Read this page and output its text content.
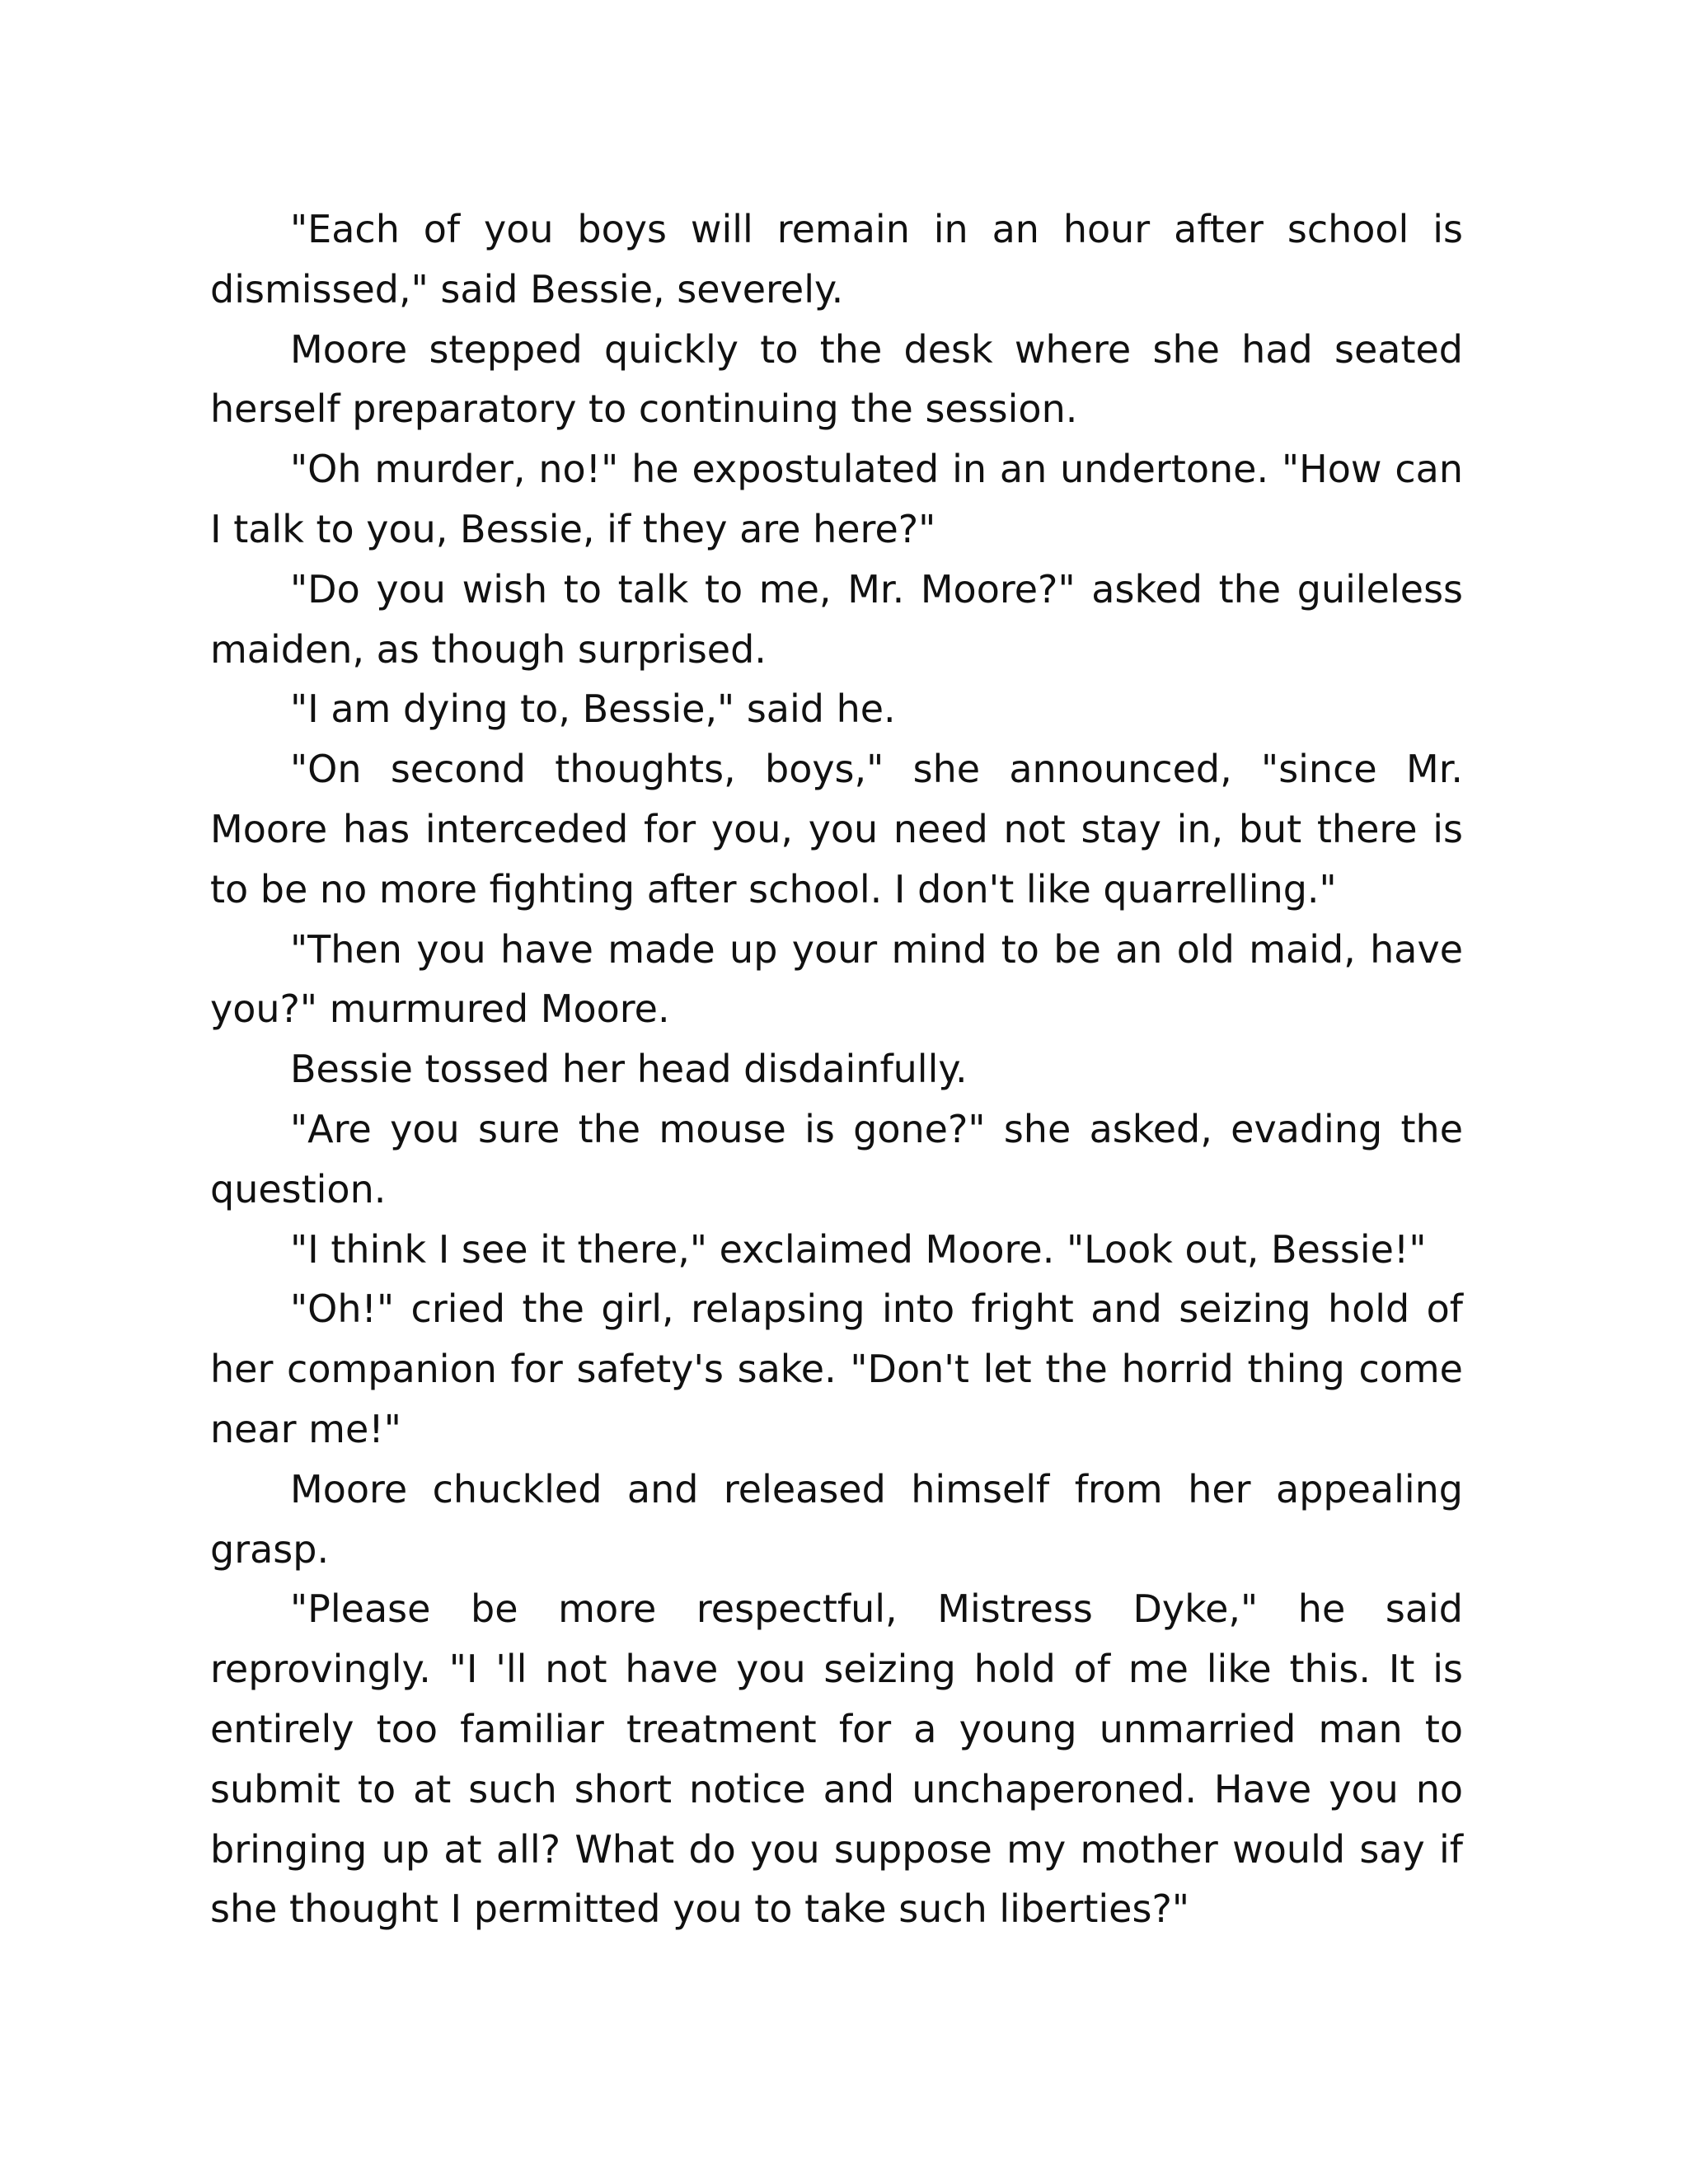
"Each of you boys will remain in an hour after school is dismissed," said Bessie, severely.

Moore stepped quickly to the desk where she had seated herself preparatory to continuing the session.

"Oh murder, no!" he expostulated in an undertone. "How can I talk to you, Bessie, if they are here?"

"Do you wish to talk to me, Mr. Moore?" asked the guileless maiden, as though surprised.

"I am dying to, Bessie," said he.

"On second thoughts, boys," she announced, "since Mr. Moore has interceded for you, you need not stay in, but there is to be no more fighting after school. I don't like quarrelling."

"Then you have made up your mind to be an old maid, have you?" murmured Moore.

Bessie tossed her head disdainfully.

"Are you sure the mouse is gone?" she asked, evading the question.

"I think I see it there," exclaimed Moore. "Look out, Bessie!"

"Oh!" cried the girl, relapsing into fright and seizing hold of her companion for safety's sake. "Don't let the horrid thing come near me!"

Moore chuckled and released himself from her appealing grasp.

"Please be more respectful, Mistress Dyke," he said reprovingly. "I 'll not have you seizing hold of me like this. It is entirely too familiar treatment for a young unmarried man to submit to at such short notice and unchaperoned. Have you no bringing up at all? What do you suppose my mother would say if she thought I permitted you to take such liberties?"
